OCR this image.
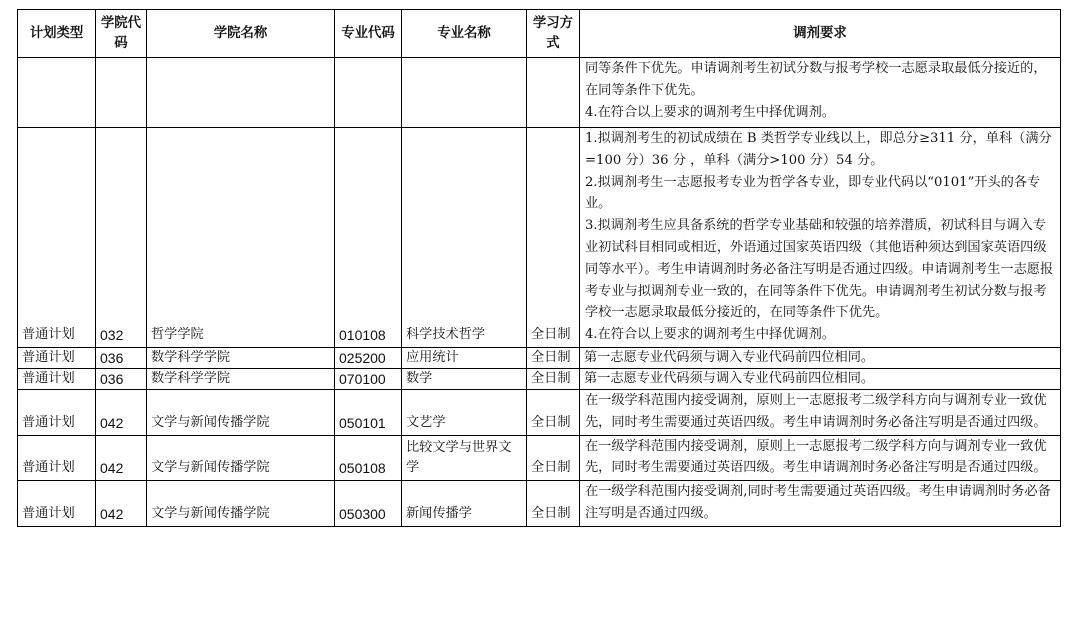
计划类型	学院代码	学院名称	专业代码	专业名称	学习方式	调剂要求

						同等条件下优先。申请调剂考生初试分数与报考学校一志愿录取最低分接近的，在同等条件下优先。

4.在符合以上要求的调剂考生中择优调剂。

普通计划	032	哲学学院	010108	科学技术哲学	全日制	1.拟调剂考生的初试成绩在 B 类哲学专业线以上，即总分≥311 分，单科（满分=100 分）36 分 ，单科（满分>100 分）54 分。

2.拟调剂考生一志愿报考专业为哲学各专业，即专业代码以“0101”开头的各专业。

3.拟调剂考生应具备系统的哲学专业基础和较强的培养潜质，初试科目与调入专业初试科目相同或相近，外语通过国家英语四级（其他语种须达到国家英语四级同等水平）。考生申请调剂时务必备注写明是否通过四级。申请调剂考生一志愿报考专业与拟调剂专业一致的，在同等条件下优先。申请调剂考生初试分数与报考学校一志愿录取最低分接近的，在同等条件下优先。

4.在符合以上要求的调剂考生中择优调剂。

普通计划	036	数学科学学院	025200	应用统计	全日制	第一志愿专业代码须与调入专业代码前四位相同。
普通计划	036	数学科学学院	070100	数学	全日制	第一志愿专业代码须与调入专业代码前四位相同。
普通计划	042	文学与新闻传播学院	050101	文艺学	全日制	在一级学科范围内接受调剂，原则上一志愿报考二级学科方向与调剂专业一致优先，同时考生需要通过英语四级。考生申请调剂时务必备注写明是否通过四级。
普通计划	042	文学与新闻传播学院	050108	比较文学与世界文学	全日制	在一级学科范围内接受调剂，原则上一志愿报考二级学科方向与调剂专业一致优先，同时考生需要通过英语四级。考生申请调剂时务必备注写明是否通过四级。
普通计划	042	文学与新闻传播学院	050300	新闻传播学	全日制	在一级学科范围内接受调剂,同时考生需要通过英语四级。考生申请调剂时务必备注写明是否通过四级。
